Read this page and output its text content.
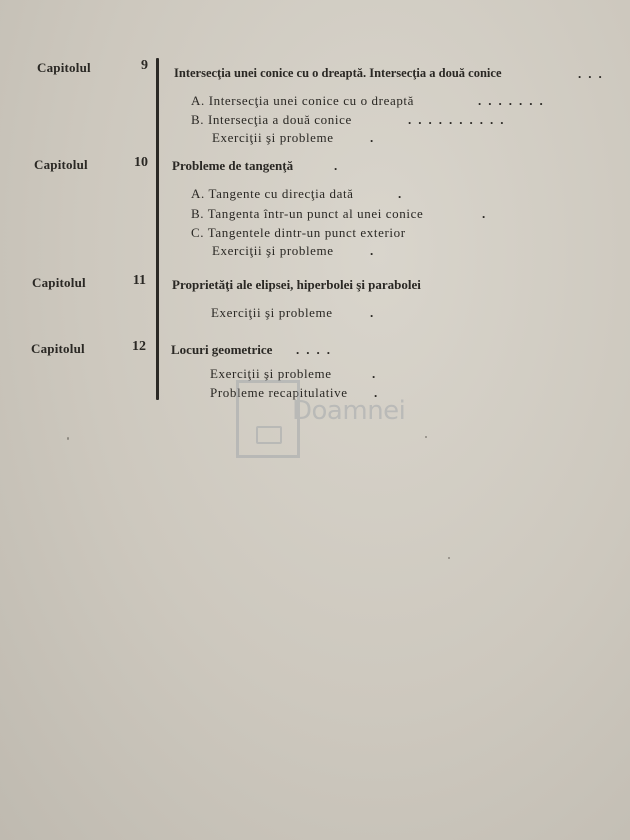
Capitolul	9 Intersecţia unei conice cu o dreaptă. Intersecţia a două conice	...
A. Intersecţia unei conice cu o dreaptă	.......
B. Intersecţia a două conice	..........
Exerciţii şi probleme	.
Capitolul	10 Probleme de tangenţă	.
A. Tangente cu direcţia dată	.
B. Tangenta într-un punct al unei conice	.
C. Tangentele dintr-un punct exterior
Exerciţii şi probleme	.
Capitolul	11 Proprietăţi ale elipsei, hiperbolei şi parabolei
Exerciţii şi probleme	.
Capitolul	12 Locuri geometrice ....
Exerciţii şi probleme	.
Probleme recapitulative .
Doamnei
